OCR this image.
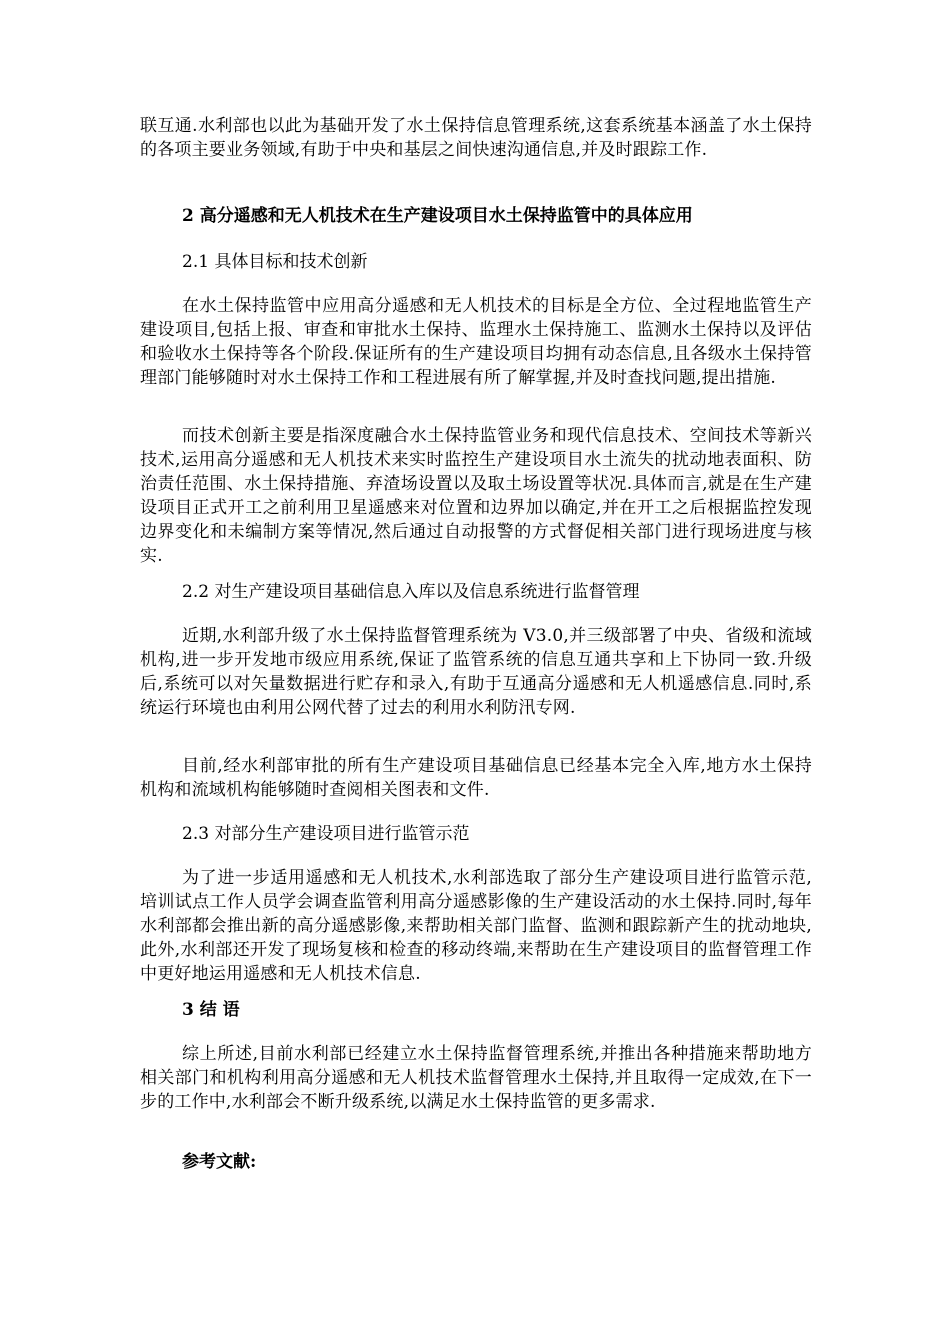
联互通.水利部也以此为基础开发了水土保持信息管理系统,这套系统基本涵盖了水土保持的各项主要业务领域,有助于中央和基层之间快速沟通信息,并及时跟踪工作.

2 高分遥感和无人机技术在生产建设项目水土保持监管中的具体应用

2.1 具体目标和技术创新

在水土保持监管中应用高分遥感和无人机技术的目标是全方位、全过程地监管生产建设项目,包括上报、审查和审批水土保持、监理水土保持施工、监测水土保持以及评估和验收水土保持等各个阶段.保证所有的生产建设项目均拥有动态信息,且各级水土保持管理部门能够随时对水土保持工作和工程进展有所了解掌握,并及时查找问题,提出措施.

而技术创新主要是指深度融合水土保持监管业务和现代信息技术、空间技术等新兴技术,运用高分遥感和无人机技术来实时监控生产建设项目水土流失的扰动地表面积、防治责任范围、水土保持措施、弃渣场设置以及取土场设置等状况.具体而言,就是在生产建设项目正式开工之前利用卫星遥感来对位置和边界加以确定,并在开工之后根据监控发现边界变化和未编制方案等情况,然后通过自动报警的方式督促相关部门进行现场进度与核实.

2.2 对生产建设项目基础信息入库以及信息系统进行监督管理

近期,水利部升级了水土保持监督管理系统为 V3.0,并三级部署了中央、省级和流域机构,进一步开发地市级应用系统,保证了监管系统的信息互通共享和上下协同一致.升级后,系统可以对矢量数据进行贮存和录入,有助于互通高分遥感和无人机遥感信息.同时,系统运行环境也由利用公网代替了过去的利用水利防汛专网.

目前,经水利部审批的所有生产建设项目基础信息已经基本完全入库,地方水土保持机构和流域机构能够随时查阅相关图表和文件.

2.3 对部分生产建设项目进行监管示范

为了进一步适用遥感和无人机技术,水利部选取了部分生产建设项目进行监管示范,培训试点工作人员学会调查监管利用高分遥感影像的生产建设活动的水土保持.同时,每年水利部都会推出新的高分遥感影像,来帮助相关部门监督、监测和跟踪新产生的扰动地块,此外,水利部还开发了现场复核和检查的移动终端,来帮助在生产建设项目的监督管理工作中更好地运用遥感和无人机技术信息.

3 结 语

综上所述,目前水利部已经建立水土保持监督管理系统,并推出各种措施来帮助地方相关部门和机构利用高分遥感和无人机技术监督管理水土保持,并且取得一定成效,在下一步的工作中,水利部会不断升级系统,以满足水土保持监管的更多需求.

参考文献:
